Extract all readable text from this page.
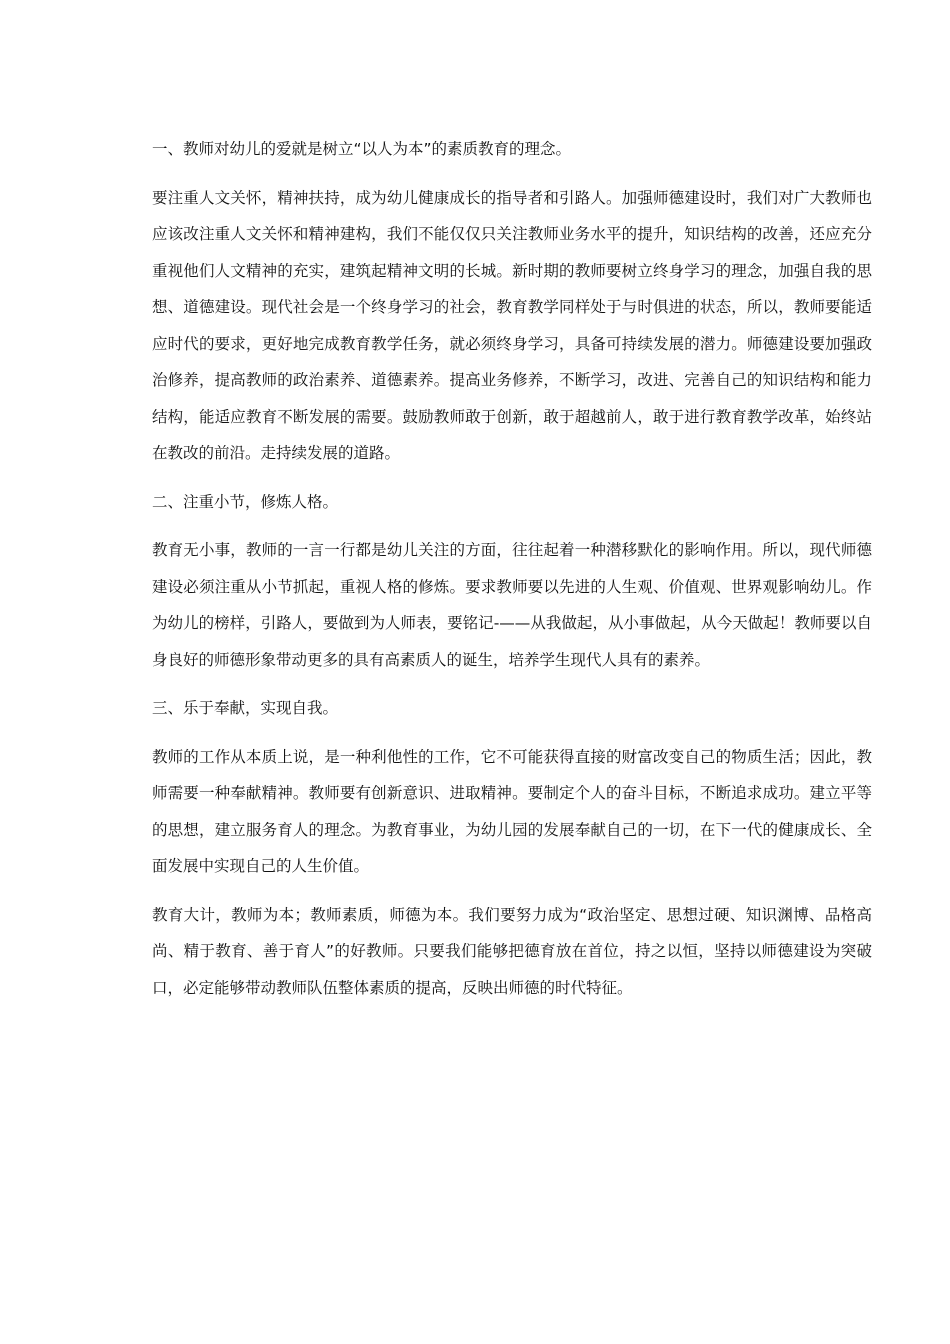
一、教师对幼儿的爱就是树立“以人为本”的素质教育的理念。

要注重人文关怀，精神扶持，成为幼儿健康成长的指导者和引路人。加强师德建设时，我们对广大教师也应该改注重人文关怀和精神建构，我们不能仅仅只关注教师业务水平的提升，知识结构的改善，还应充分重视他们人文精神的充实，建筑起精神文明的长城。新时期的教师要树立终身学习的理念，加强自我的思想、道德建设。现代社会是一个终身学习的社会，教育教学同样处于与时俱进的状态，所以，教师要能适应时代的要求，更好地完成教育教学任务，就必须终身学习，具备可持续发展的潜力。师德建设要加强政治修养，提高教师的政治素养、道德素养。提高业务修养，不断学习，改进、完善自己的知识结构和能力结构，能适应教育不断发展的需要。鼓励教师敢于创新，敢于超越前人，敢于进行教育教学改革，始终站在教改的前沿。走持续发展的道路。

二、注重小节，修炼人格。

教育无小事，教师的一言一行都是幼儿关注的方面，往往起着一种潜移默化的影响作用。所以，现代师德建设必须注重从小节抓起，重视人格的修炼。要求教师要以先进的人生观、价值观、世界观影响幼儿。作为幼儿的榜样，引路人，要做到为人师表，要铭记-——从我做起，从小事做起，从今天做起！教师要以自身良好的师德形象带动更多的具有高素质人的诞生，培养学生现代人具有的素养。

三、乐于奉献，实现自我。

教师的工作从本质上说，是一种利他性的工作，它不可能获得直接的财富改变自己的物质生活；因此，教师需要一种奉献精神。教师要有创新意识、进取精神。要制定个人的奋斗目标，不断追求成功。建立平等的思想，建立服务育人的理念。为教育事业，为幼儿园的发展奉献自己的一切，在下一代的健康成长、全面发展中实现自己的人生价值。

教育大计，教师为本；教师素质，师德为本。我们要努力成为“政治坚定、思想过硬、知识渊博、品格高尚、精于教育、善于育人”的好教师。只要我们能够把德育放在首位，持之以恒，坚持以师德建设为突破口，必定能够带动教师队伍整体素质的提高，反映出师德的时代特征。
